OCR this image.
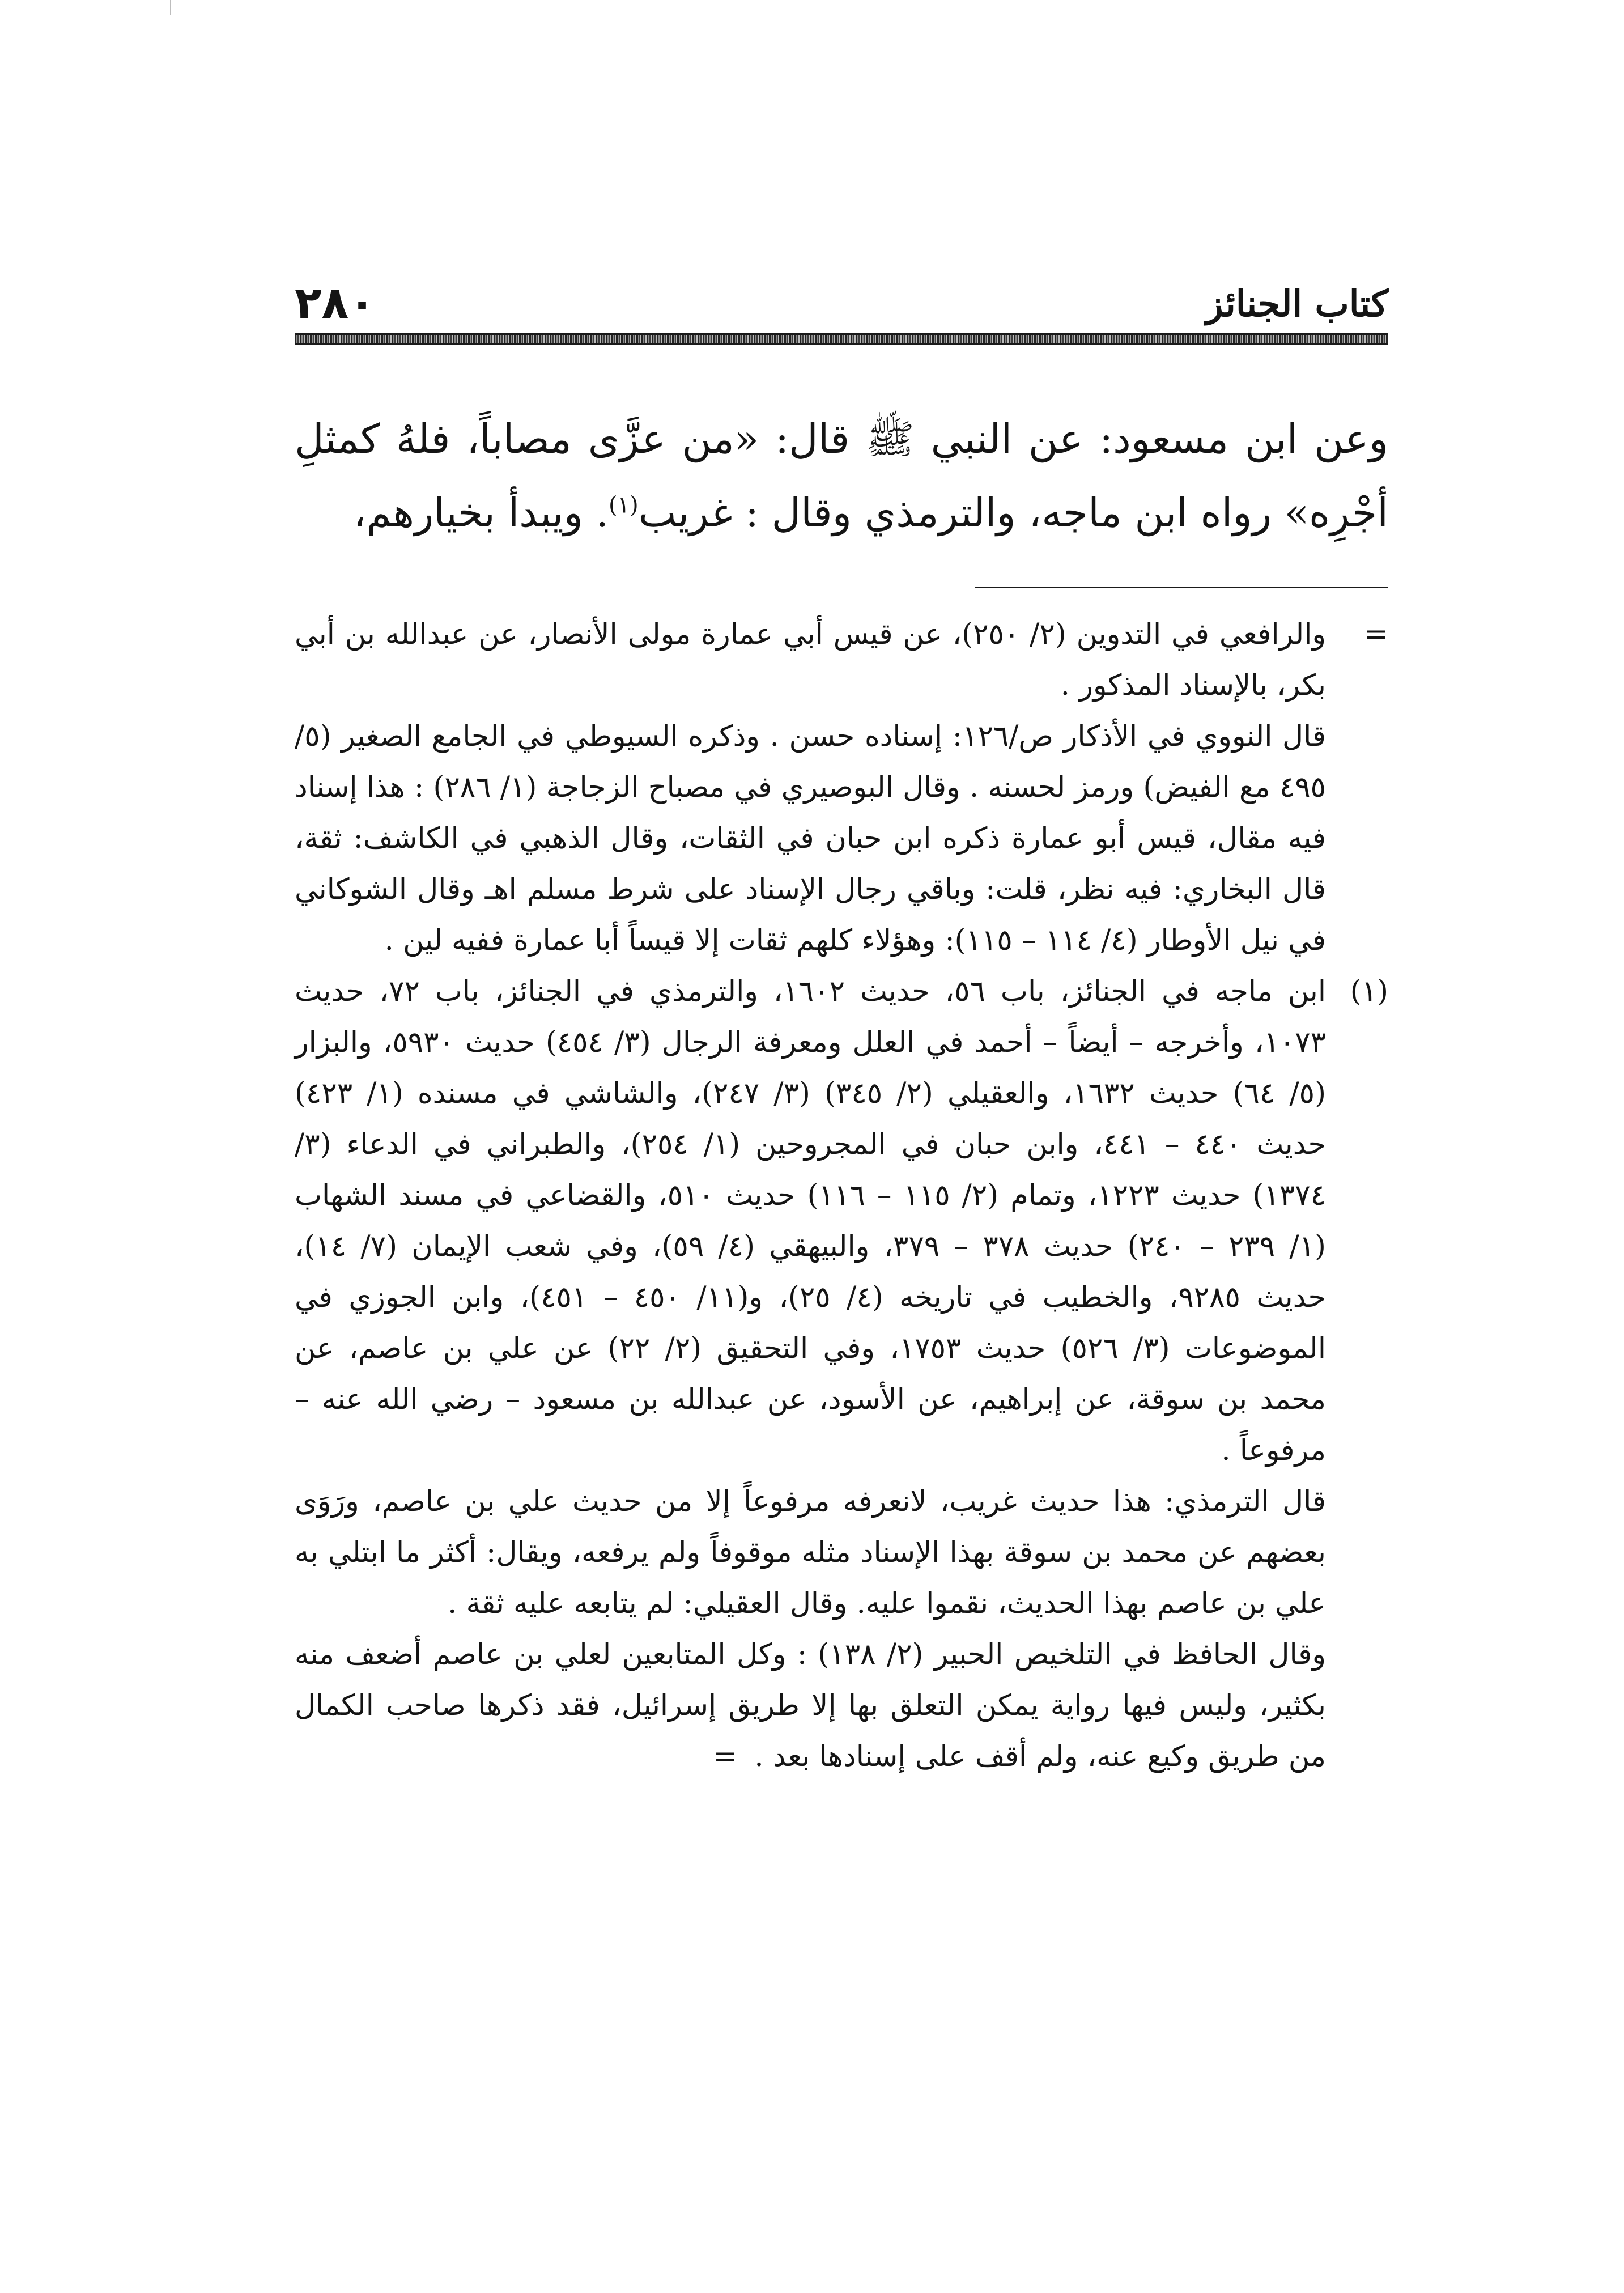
٢٨٠	كتاب الجنائز

وعن ابن مسعود: عن النبي ﷺ قال: «من عزَّى مصاباً، فلهُ كمثلِ أجْرِه» رواه ابن ماجه، والترمذي وقال : غريب$^{(١)}$. ويبدأ بخيارهم،

=

والرافعي في التدوين (٢/ ٢٥٠)، عن قيس أبي عمارة مولى الأنصار، عن عبدالله بن أبي بكر، بالإسناد المذكور .

قال النووي في الأذكار ص/١٢٦: إسناده حسن . وذكره السيوطي في الجامع الصغير (٥/ ٤٩٥ مع الفيض) ورمز لحسنه . وقال البوصيري في مصباح الزجاجة (١/ ٢٨٦) : هذا إسناد فيه مقال، قيس أبو عمارة ذكره ابن حبان في الثقات، وقال الذهبي في الكاشف: ثقة، قال البخاري: فيه نظر، قلت: وباقي رجال الإسناد على شرط مسلم اهـ وقال الشوكاني في نيل الأوطار (٤/ ١١٤ – ١١٥): وهؤلاء كلهم ثقات إلا قيساً أبا عمارة ففيه لين .

(١)

ابن ماجه في الجنائز، باب ٥٦، حديث ١٦٠٢، والترمذي في الجنائز، باب ٧٢، حديث ١٠٧٣، وأخرجه – أيضاً – أحمد في العلل ومعرفة الرجال (٣/ ٤٥٤) حديث ٥٩٣٠، والبزار (٥/ ٦٤) حديث ١٦٣٢، والعقيلي (٢/ ٣٤٥) (٣/ ٢٤٧)، والشاشي في مسنده (١/ ٤٢٣) حديث ٤٤٠ – ٤٤١، وابن حبان في المجروحين (١/ ٢٥٤)، والطبراني في الدعاء (٣/ ١٣٧٤) حديث ١٢٢٣، وتمام (٢/ ١١٥ – ١١٦) حديث ٥١٠، والقضاعي في مسند الشهاب (١/ ٢٣٩ – ٢٤٠) حديث ٣٧٨ – ٣٧٩، والبيهقي (٤/ ٥٩)، وفي شعب الإيمان (٧/ ١٤)، حديث ٩٢٨٥، والخطيب في تاريخه (٤/ ٢٥)، و(١١/ ٤٥٠ – ٤٥١)، وابن الجوزي في الموضوعات (٣/ ٥٢٦) حديث ١٧٥٣، وفي التحقيق (٢/ ٢٢) عن علي بن عاصم، عن محمد بن سوقة، عن إبراهيم، عن الأسود، عن عبدالله بن مسعود – رضي الله عنه – مرفوعاً .

قال الترمذي: هذا حديث غريب، لانعرفه مرفوعاً إلا من حديث علي بن عاصم، ورَوَى بعضهم عن محمد بن سوقة بهذا الإسناد مثله موقوفاً ولم يرفعه، ويقال: أكثر ما ابتلي به علي بن عاصم بهذا الحديث، نقموا عليه. وقال العقيلي: لم يتابعه عليه ثقة .

وقال الحافظ في التلخيص الحبير (٢/ ١٣٨) : وكل المتابعين لعلي بن عاصم أضعف منه بكثير، وليس فيها رواية يمكن التعلق بها إلا طريق إسرائيل، فقد ذكرها صاحب الكمال من طريق وكيع عنه، ولم أقف على إسنادها بعد .=
